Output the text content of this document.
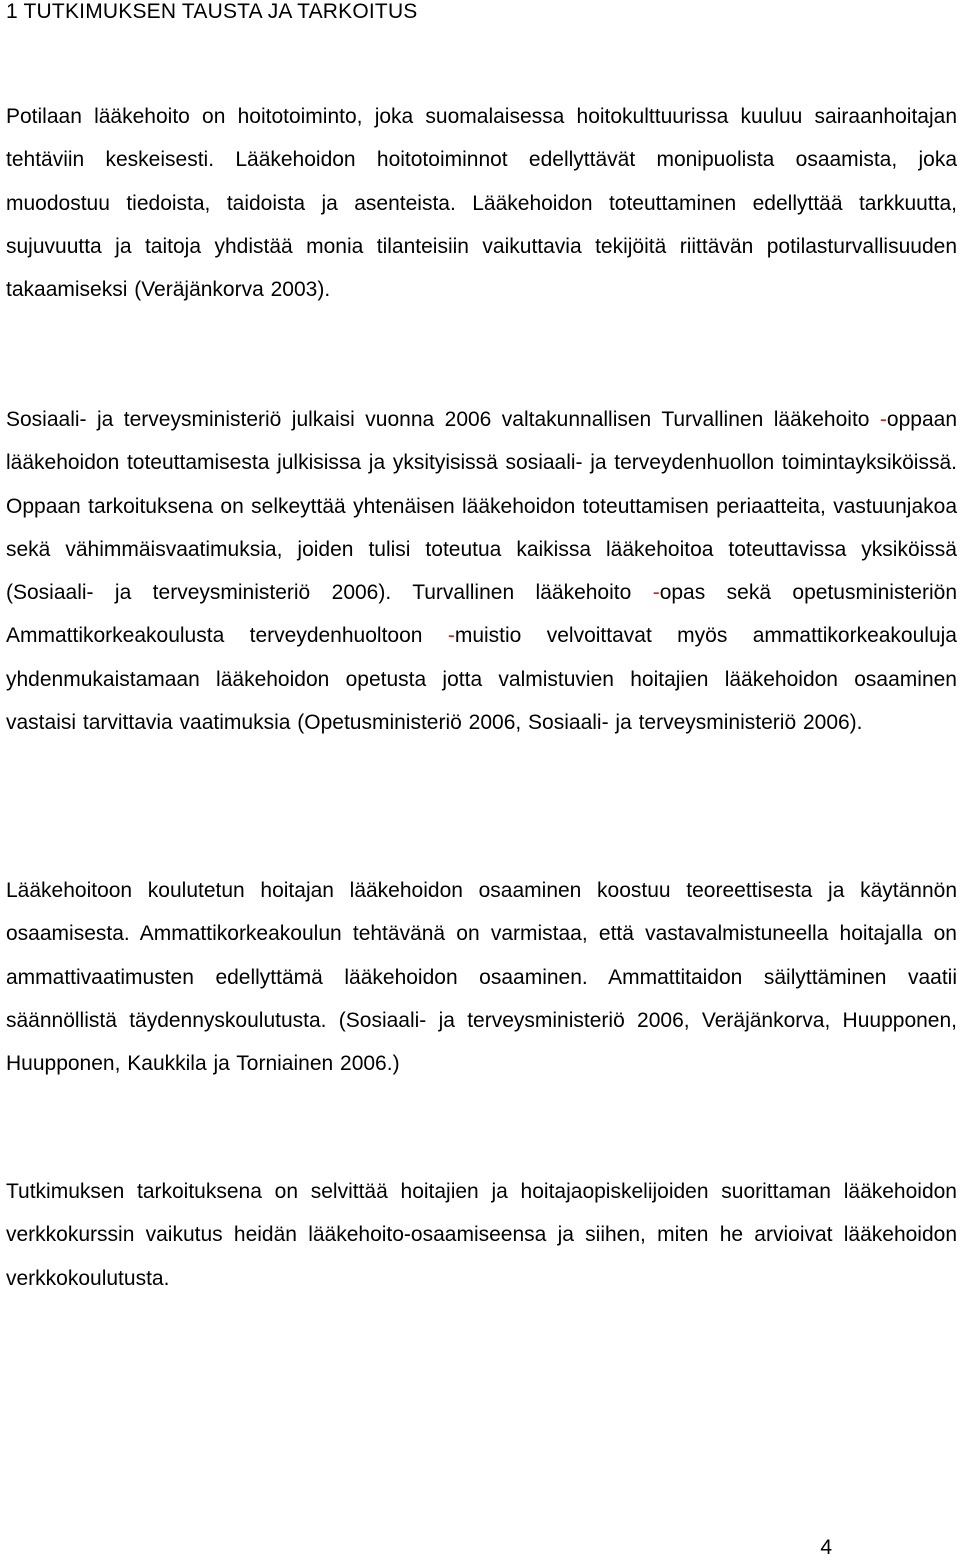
1 TUTKIMUKSEN TAUSTA JA TARKOITUS

Potilaan lääkehoito on hoitotoiminto, joka suomalaisessa hoitokulttuurissa kuuluu sairaanhoitajan tehtäviin keskeisesti. Lääkehoidon hoitotoiminnot edellyttävät monipuolista osaamista, joka muodostuu tiedoista, taidoista ja asenteista. Lääkehoidon toteuttaminen edellyttää tarkkuutta, sujuvuutta ja taitoja yhdistää monia tilanteisiin vaikuttavia tekijöitä riittävän potilasturvallisuuden takaamiseksi (Veräjänkorva 2003).

Sosiaali- ja terveysministeriö julkaisi vuonna 2006 valtakunnallisen Turvallinen lääkehoito -oppaan lääkehoidon toteuttamisesta julkisissa ja yksityisissä sosiaali- ja terveydenhuollon toimintayksiköissä. Oppaan tarkoituksena on selkeyttää yhtenäisen lääkehoidon toteuttamisen periaatteita, vastuunjakoa sekä vähimmäisvaatimuksia, joiden tulisi toteutua kaikissa lääkehoitoa toteuttavissa yksiköissä (Sosiaali- ja terveysministeriö 2006). Turvallinen lääkehoito -opas sekä opetusministeriön Ammattikorkeakoulusta terveydenhuoltoon -muistio velvoittavat myös ammattikorkeakouluja yhdenmukaistamaan lääkehoidon opetusta jotta valmistuvien hoitajien lääkehoidon osaaminen vastaisi tarvittavia vaatimuksia (Opetusministeriö 2006, Sosiaali- ja terveysministeriö 2006).

Lääkehoitoon koulutetun hoitajan lääkehoidon osaaminen koostuu teoreettisesta ja käytännön osaamisesta. Ammattikorkeakoulun tehtävänä on varmistaa, että vastavalmistuneella hoitajalla on ammattivaatimusten edellyttämä lääkehoidon osaaminen. Ammattitaidon säilyttäminen vaatii säännöllistä täydennyskoulutusta. (Sosiaali- ja terveysministeriö 2006, Veräjänkorva, Huupponen, Huupponen, Kaukkila ja Torniainen 2006.)

Tutkimuksen tarkoituksena on selvittää hoitajien ja hoitajaopiskelijoiden suorittaman lääkehoidon verkkokurssin vaikutus heidän lääkehoito-osaamiseensa ja siihen, miten he arvioivat lääkehoidon verkkokoulutusta.

4
